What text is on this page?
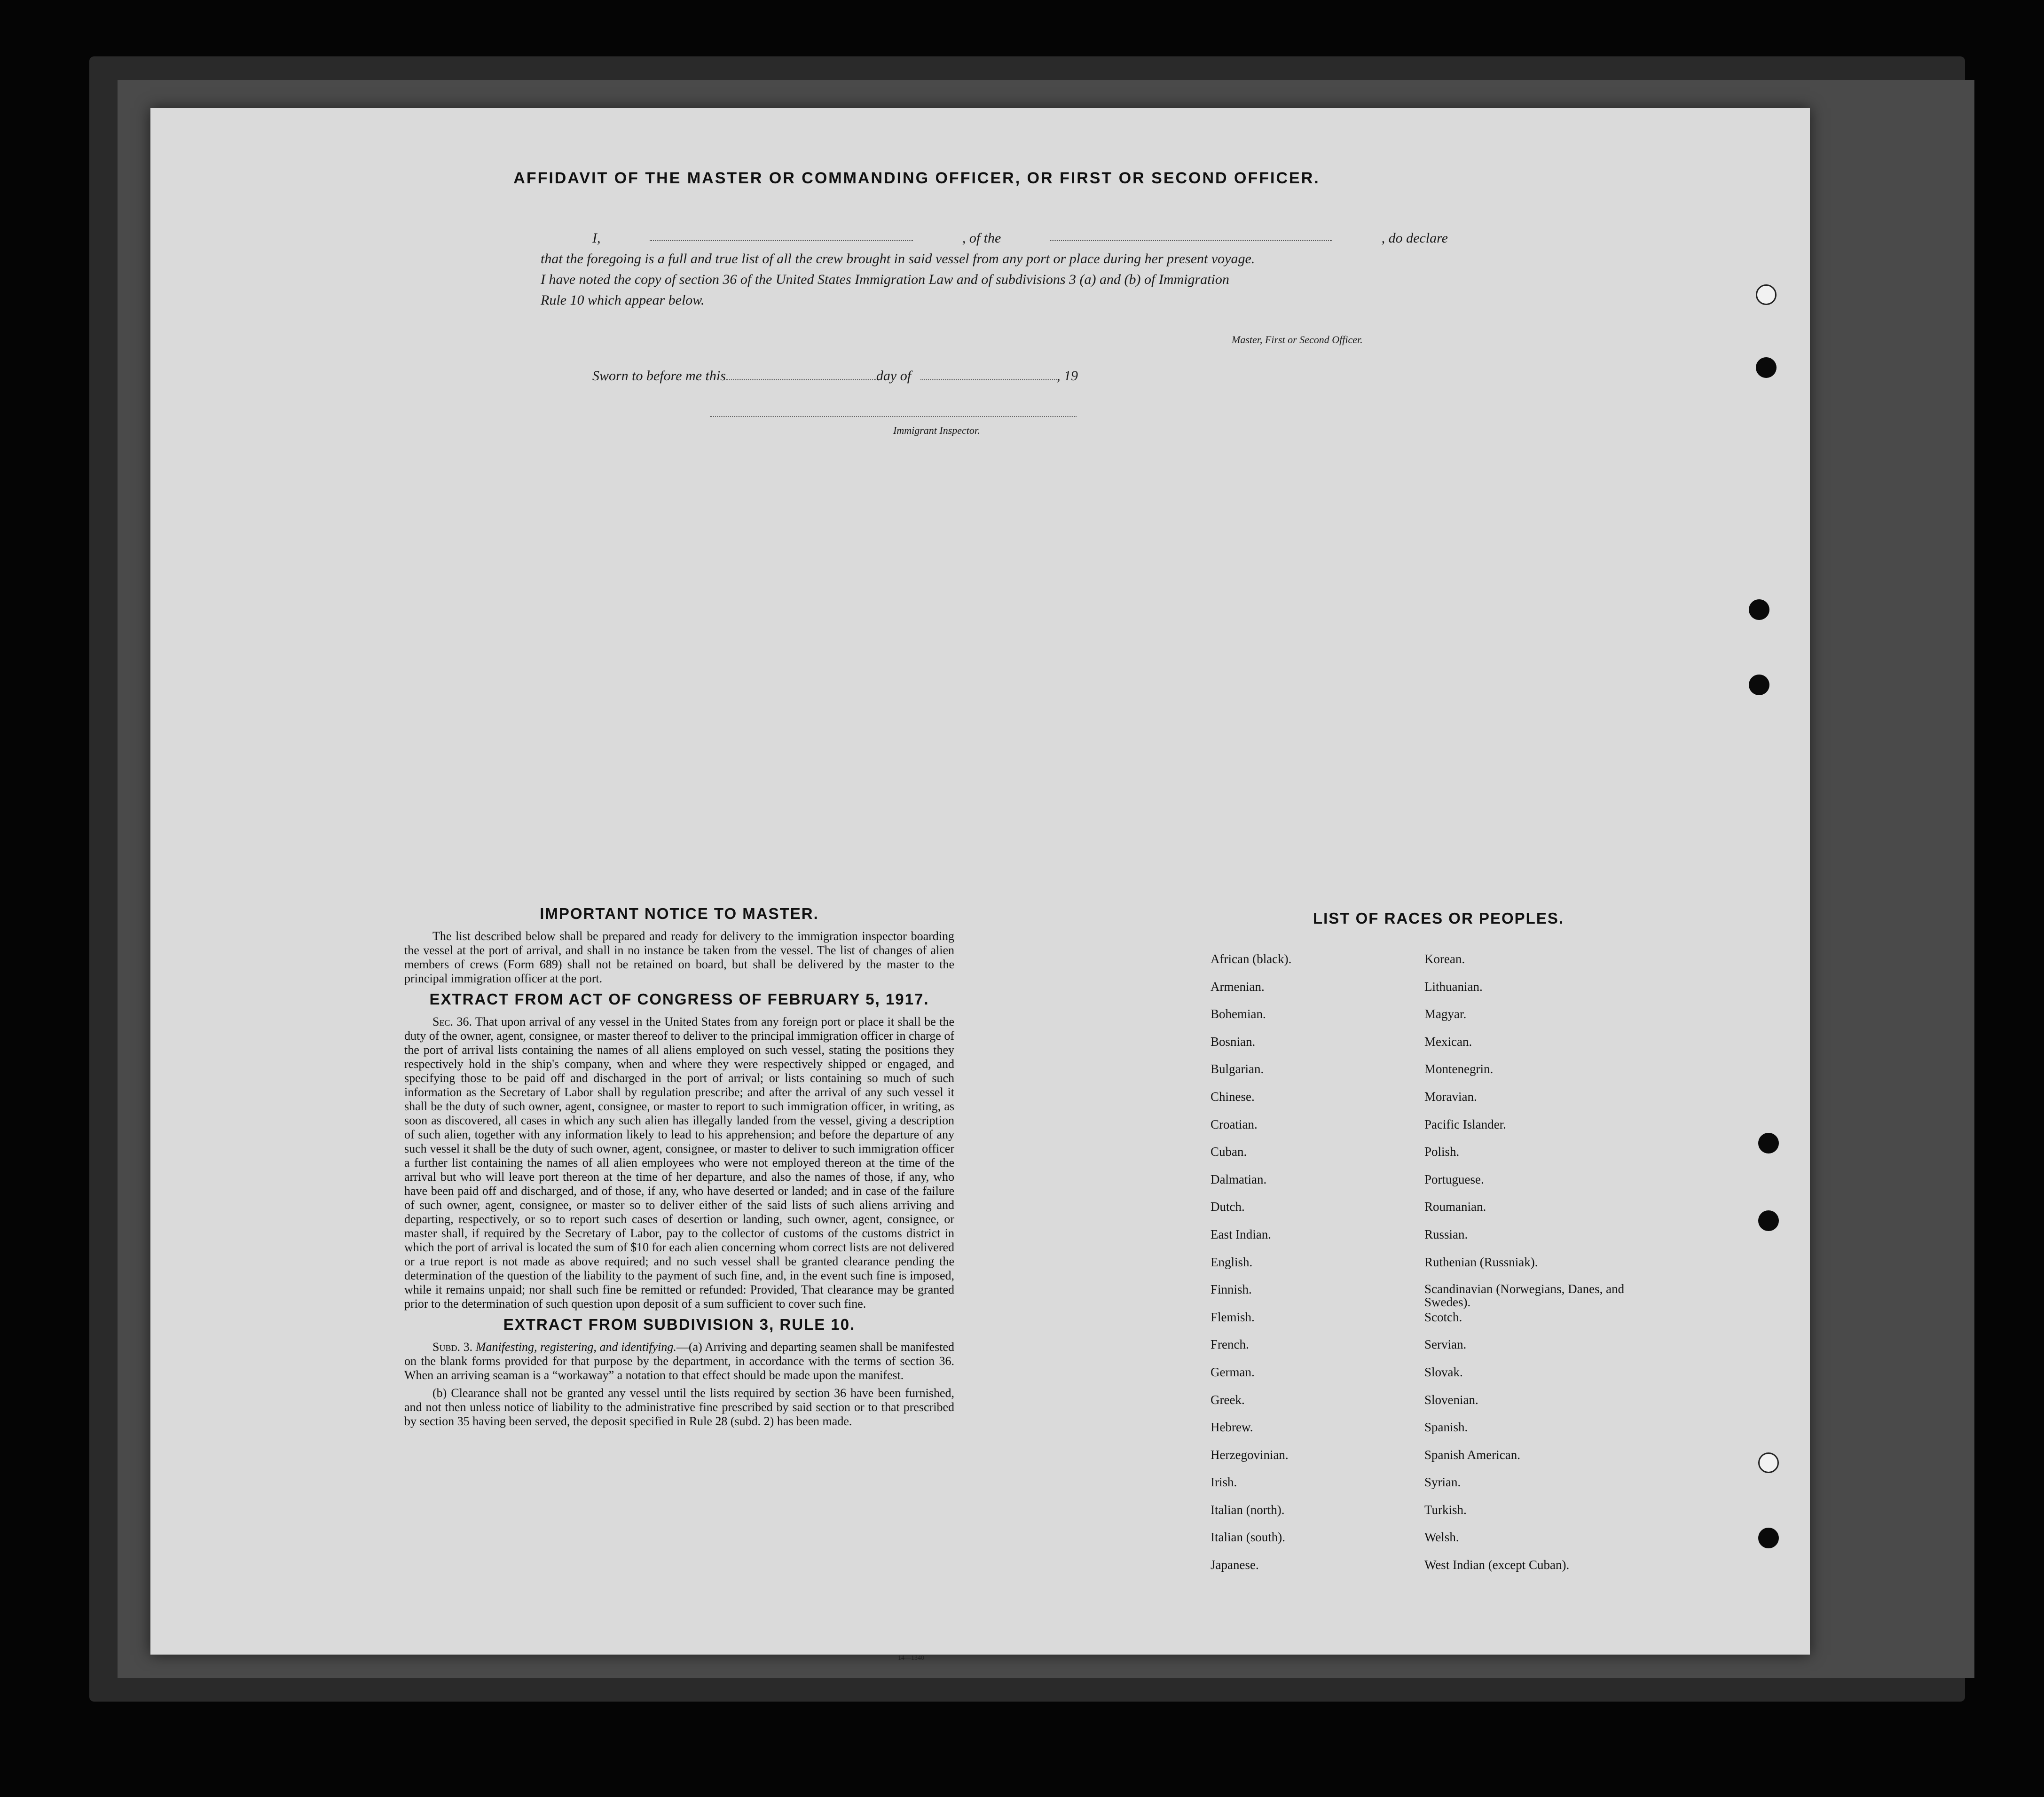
AFFIDAVIT OF THE MASTER OR COMMANDING OFFICER, OR FIRST OR SECOND OFFICER.
I,	, of the	, do declare
that the foregoing is a full and true list of all the crew brought in said vessel from any port or place during her present voyage.
I have noted the copy of section 36 of the United States Immigration Law and of subdivisions 3 (a) and (b) of Immigration
Rule 10 which appear below.
Master, First or Second Officer.
Sworn to before me this	day of	, 19
Immigrant Inspector.
IMPORTANT NOTICE TO MASTER.

The list described below shall be prepared and ready for delivery to the immigration inspector boarding the vessel at the port of arrival, and shall in no instance be taken from the vessel. The list of changes of alien members of crews (Form 689) shall not be retained on board, but shall be delivered by the master to the principal immigration officer at the port.

EXTRACT FROM ACT OF CONGRESS OF FEBRUARY 5, 1917.

Sec. 36. That upon arrival of any vessel in the United States from any foreign port or place it shall be the duty of the owner, agent, consignee, or master thereof to deliver to the principal immigration officer in charge of the port of arrival lists containing the names of all aliens employed on such vessel, stating the positions they respectively hold in the ship's company, when and where they were respectively shipped or engaged, and specifying those to be paid off and discharged in the port of arrival; or lists containing so much of such information as the Secretary of Labor shall by regulation prescribe; and after the arrival of any such vessel it shall be the duty of such owner, agent, consignee, or master to report to such immigration officer, in writing, as soon as discovered, all cases in which any such alien has illegally landed from the vessel, giving a description of such alien, together with any information likely to lead to his apprehension; and before the departure of any such vessel it shall be the duty of such owner, agent, consignee, or master to deliver to such immigration officer a further list containing the names of all alien employees who were not employed thereon at the time of the arrival but who will leave port thereon at the time of her departure, and also the names of those, if any, who have been paid off and discharged, and of those, if any, who have deserted or landed; and in case of the failure of such owner, agent, consignee, or master so to deliver either of the said lists of such aliens arriving and departing, respectively, or so to report such cases of desertion or landing, such owner, agent, consignee, or master shall, if required by the Secretary of Labor, pay to the collector of customs of the customs district in which the port of arrival is located the sum of $10 for each alien concerning whom correct lists are not delivered or a true report is not made as above required; and no such vessel shall be granted clearance pending the determination of the question of the liability to the payment of such fine, and, in the event such fine is imposed, while it remains unpaid; nor shall such fine be remitted or refunded: Provided, That clearance may be granted prior to the determination of such question upon deposit of a sum sufficient to cover such fine.

EXTRACT FROM SUBDIVISION 3, RULE 10.

Subd. 3. Manifesting, registering, and identifying.—(a) Arriving and departing seamen shall be manifested on the blank forms provided for that purpose by the department, in accordance with the terms of section 36. When an arriving seaman is a “workaway” a notation to that effect should be made upon the manifest.

(b) Clearance shall not be granted any vessel until the lists required by section 36 have been furnished, and not then unless notice of liability to the administrative fine prescribed by said section or to that prescribed by section 35 having been served, the deposit specified in Rule 28 (subd. 2) has been made.

14—1340
LIST OF RACES OR PEOPLES.
African (black).	Korean.
Armenian.	Lithuanian.
Bohemian.	Magyar.
Bosnian.	Mexican.
Bulgarian.	Montenegrin.
Chinese.	Moravian.
Croatian.	Pacific Islander.
Cuban.	Polish.
Dalmatian.	Portuguese.
Dutch.	Roumanian.
East Indian.	Russian.
English.	Ruthenian (Russniak).
Finnish.	Scandinavian (Norwegians, Danes, and Swedes).
Flemish.	Scotch.
French.	Servian.
German.	Slovak.
Greek.	Slovenian.
Hebrew.	Spanish.
Herzegovinian.	Spanish American.
Irish.	Syrian.
Italian (north).	Turkish.
Italian (south).	Welsh.
Japanese.	West Indian (except Cuban).
